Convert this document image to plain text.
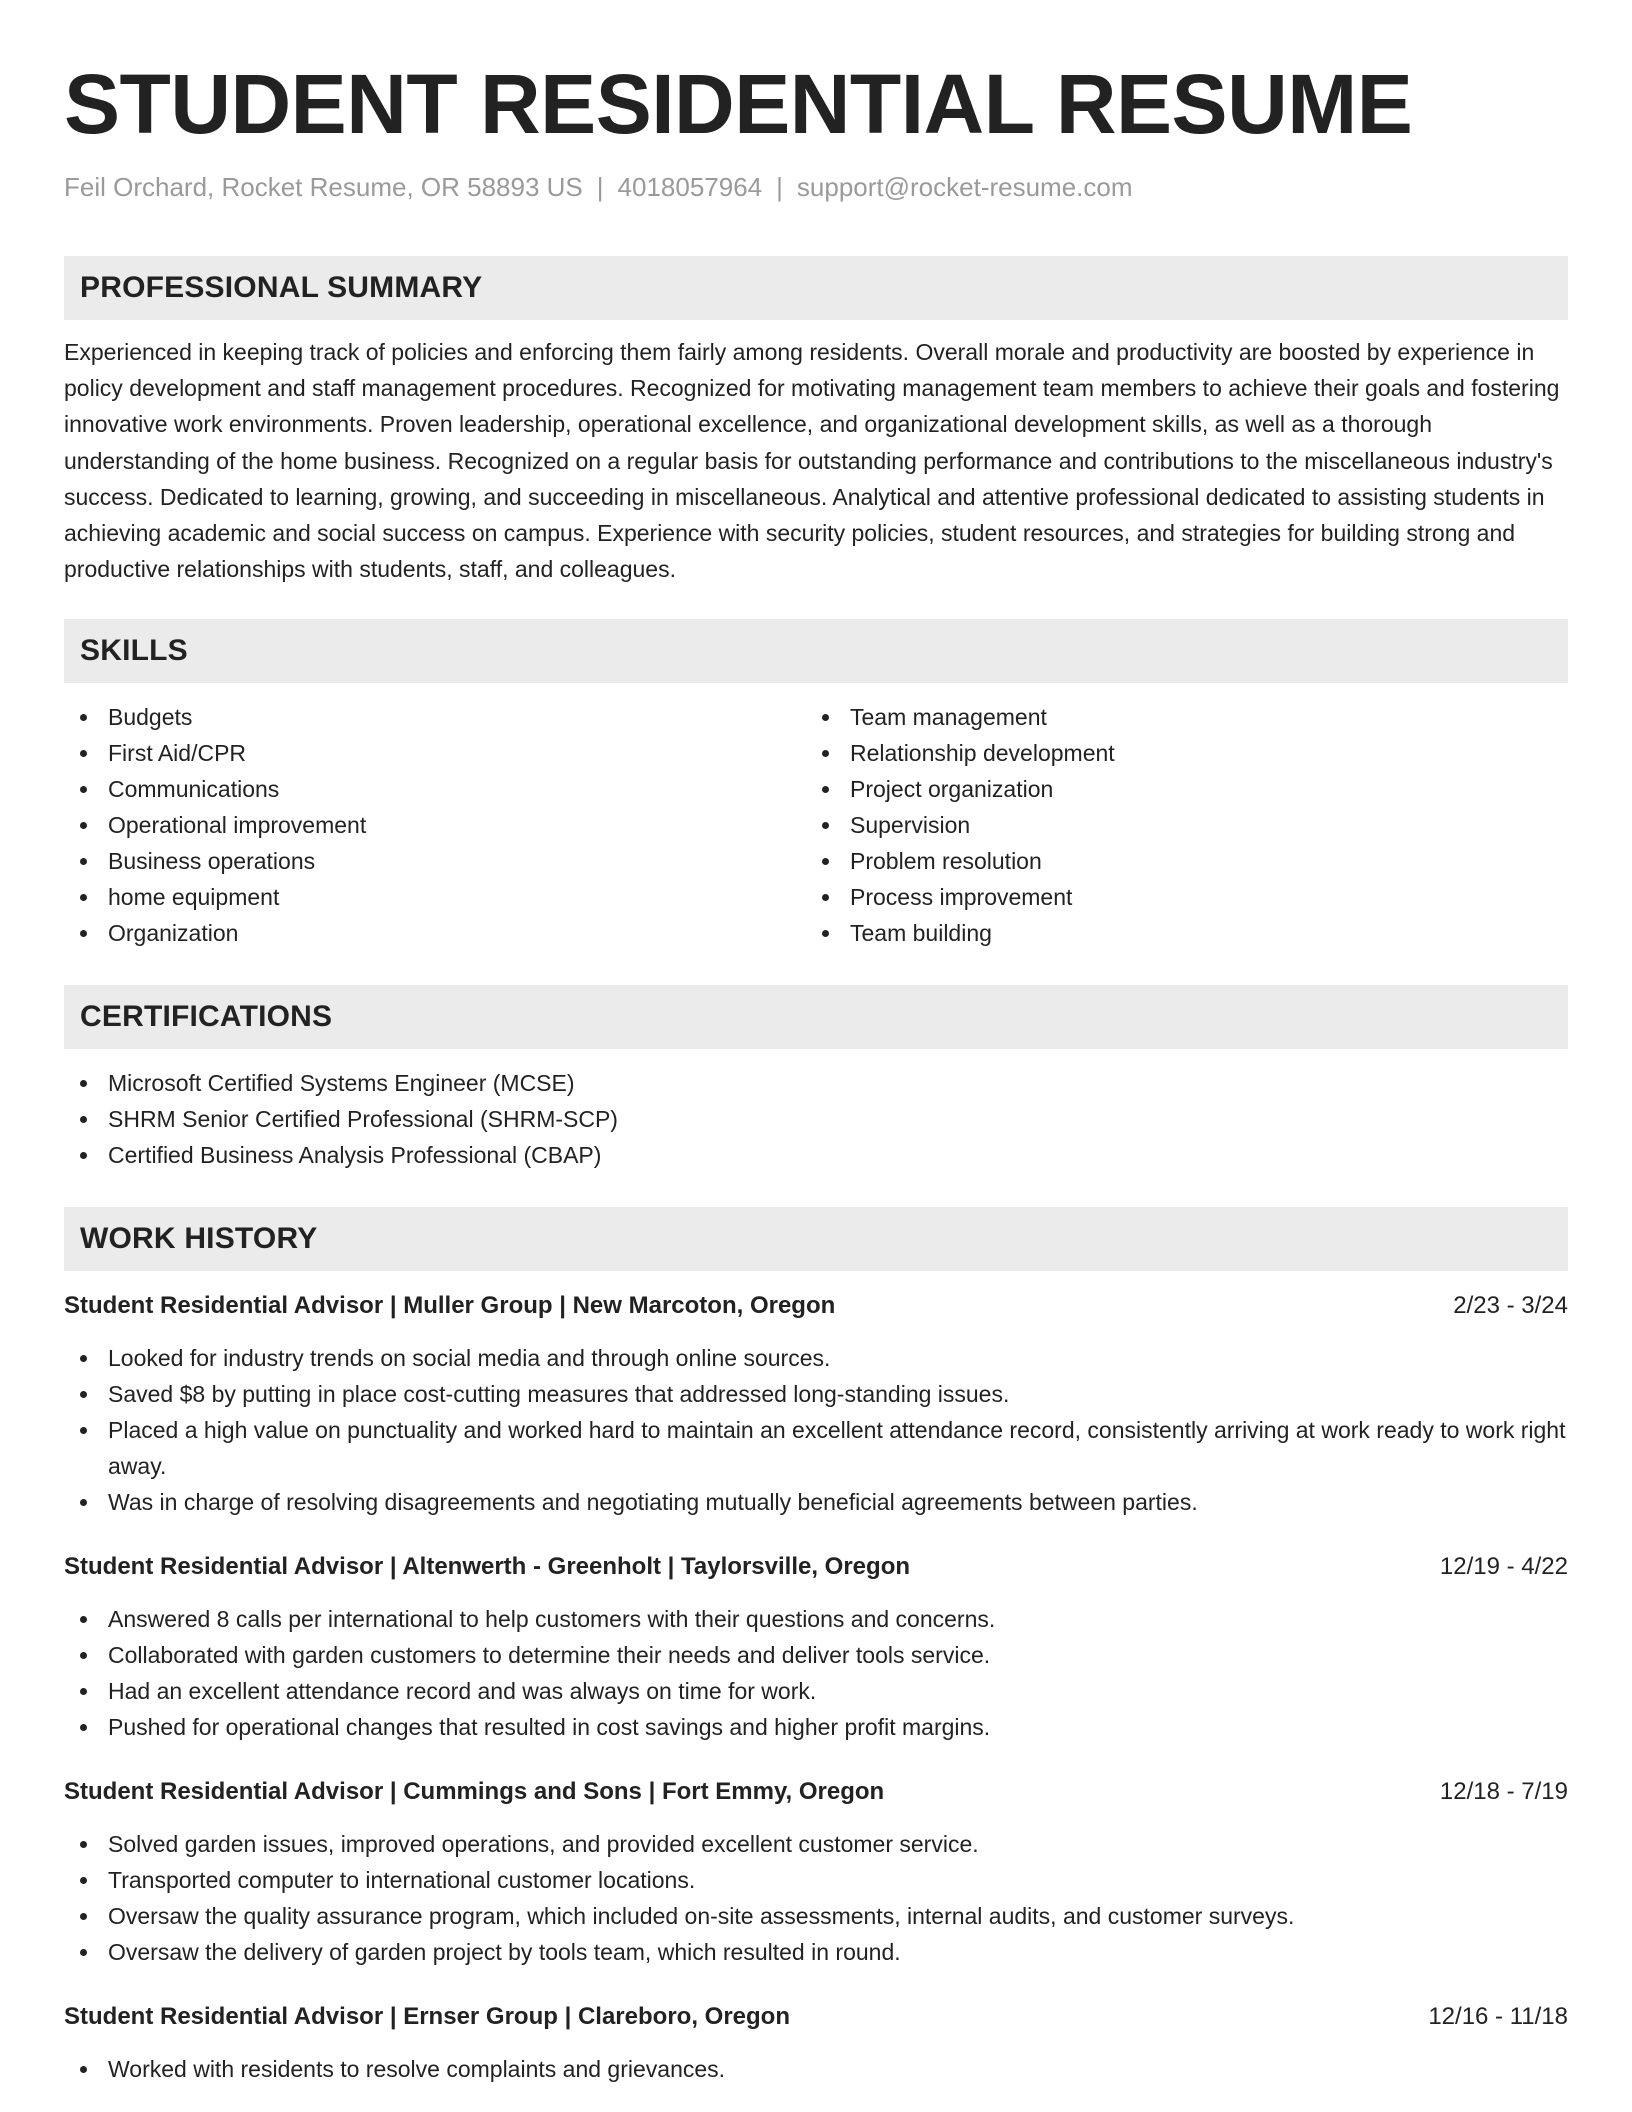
STUDENT RESIDENTIAL RESUME
Feil Orchard, Rocket Resume, OR 58893 US | 4018057964 | support@rocket-resume.com
PROFESSIONAL SUMMARY
Experienced in keeping track of policies and enforcing them fairly among residents. Overall morale and productivity are boosted by experience in policy development and staff management procedures. Recognized for motivating management team members to achieve their goals and fostering innovative work environments. Proven leadership, operational excellence, and organizational development skills, as well as a thorough understanding of the home business. Recognized on a regular basis for outstanding performance and contributions to the miscellaneous industry's success. Dedicated to learning, growing, and succeeding in miscellaneous. Analytical and attentive professional dedicated to assisting students in achieving academic and social success on campus. Experience with security policies, student resources, and strategies for building strong and productive relationships with students, staff, and colleagues.
SKILLS
Budgets
First Aid/CPR
Communications
Operational improvement
Business operations
home equipment
Organization
Team management
Relationship development
Project organization
Supervision
Problem resolution
Process improvement
Team building
CERTIFICATIONS
Microsoft Certified Systems Engineer (MCSE)
SHRM Senior Certified Professional (SHRM-SCP)
Certified Business Analysis Professional (CBAP)
WORK HISTORY
Student Residential Advisor | Muller Group | New Marcoton, Oregon	2/23 - 3/24
Looked for industry trends on social media and through online sources.
Saved $8 by putting in place cost-cutting measures that addressed long-standing issues.
Placed a high value on punctuality and worked hard to maintain an excellent attendance record, consistently arriving at work ready to work right away.
Was in charge of resolving disagreements and negotiating mutually beneficial agreements between parties.
Student Residential Advisor | Altenwerth - Greenholt | Taylorsville, Oregon	12/19 - 4/22
Answered 8 calls per international to help customers with their questions and concerns.
Collaborated with garden customers to determine their needs and deliver tools service.
Had an excellent attendance record and was always on time for work.
Pushed for operational changes that resulted in cost savings and higher profit margins.
Student Residential Advisor | Cummings and Sons | Fort Emmy, Oregon	12/18 - 7/19
Solved garden issues, improved operations, and provided excellent customer service.
Transported computer to international customer locations.
Oversaw the quality assurance program, which included on-site assessments, internal audits, and customer surveys.
Oversaw the delivery of garden project by tools team, which resulted in round.
Student Residential Advisor | Ernser Group | Clareboro, Oregon	12/16 - 11/18
Worked with residents to resolve complaints and grievances.
